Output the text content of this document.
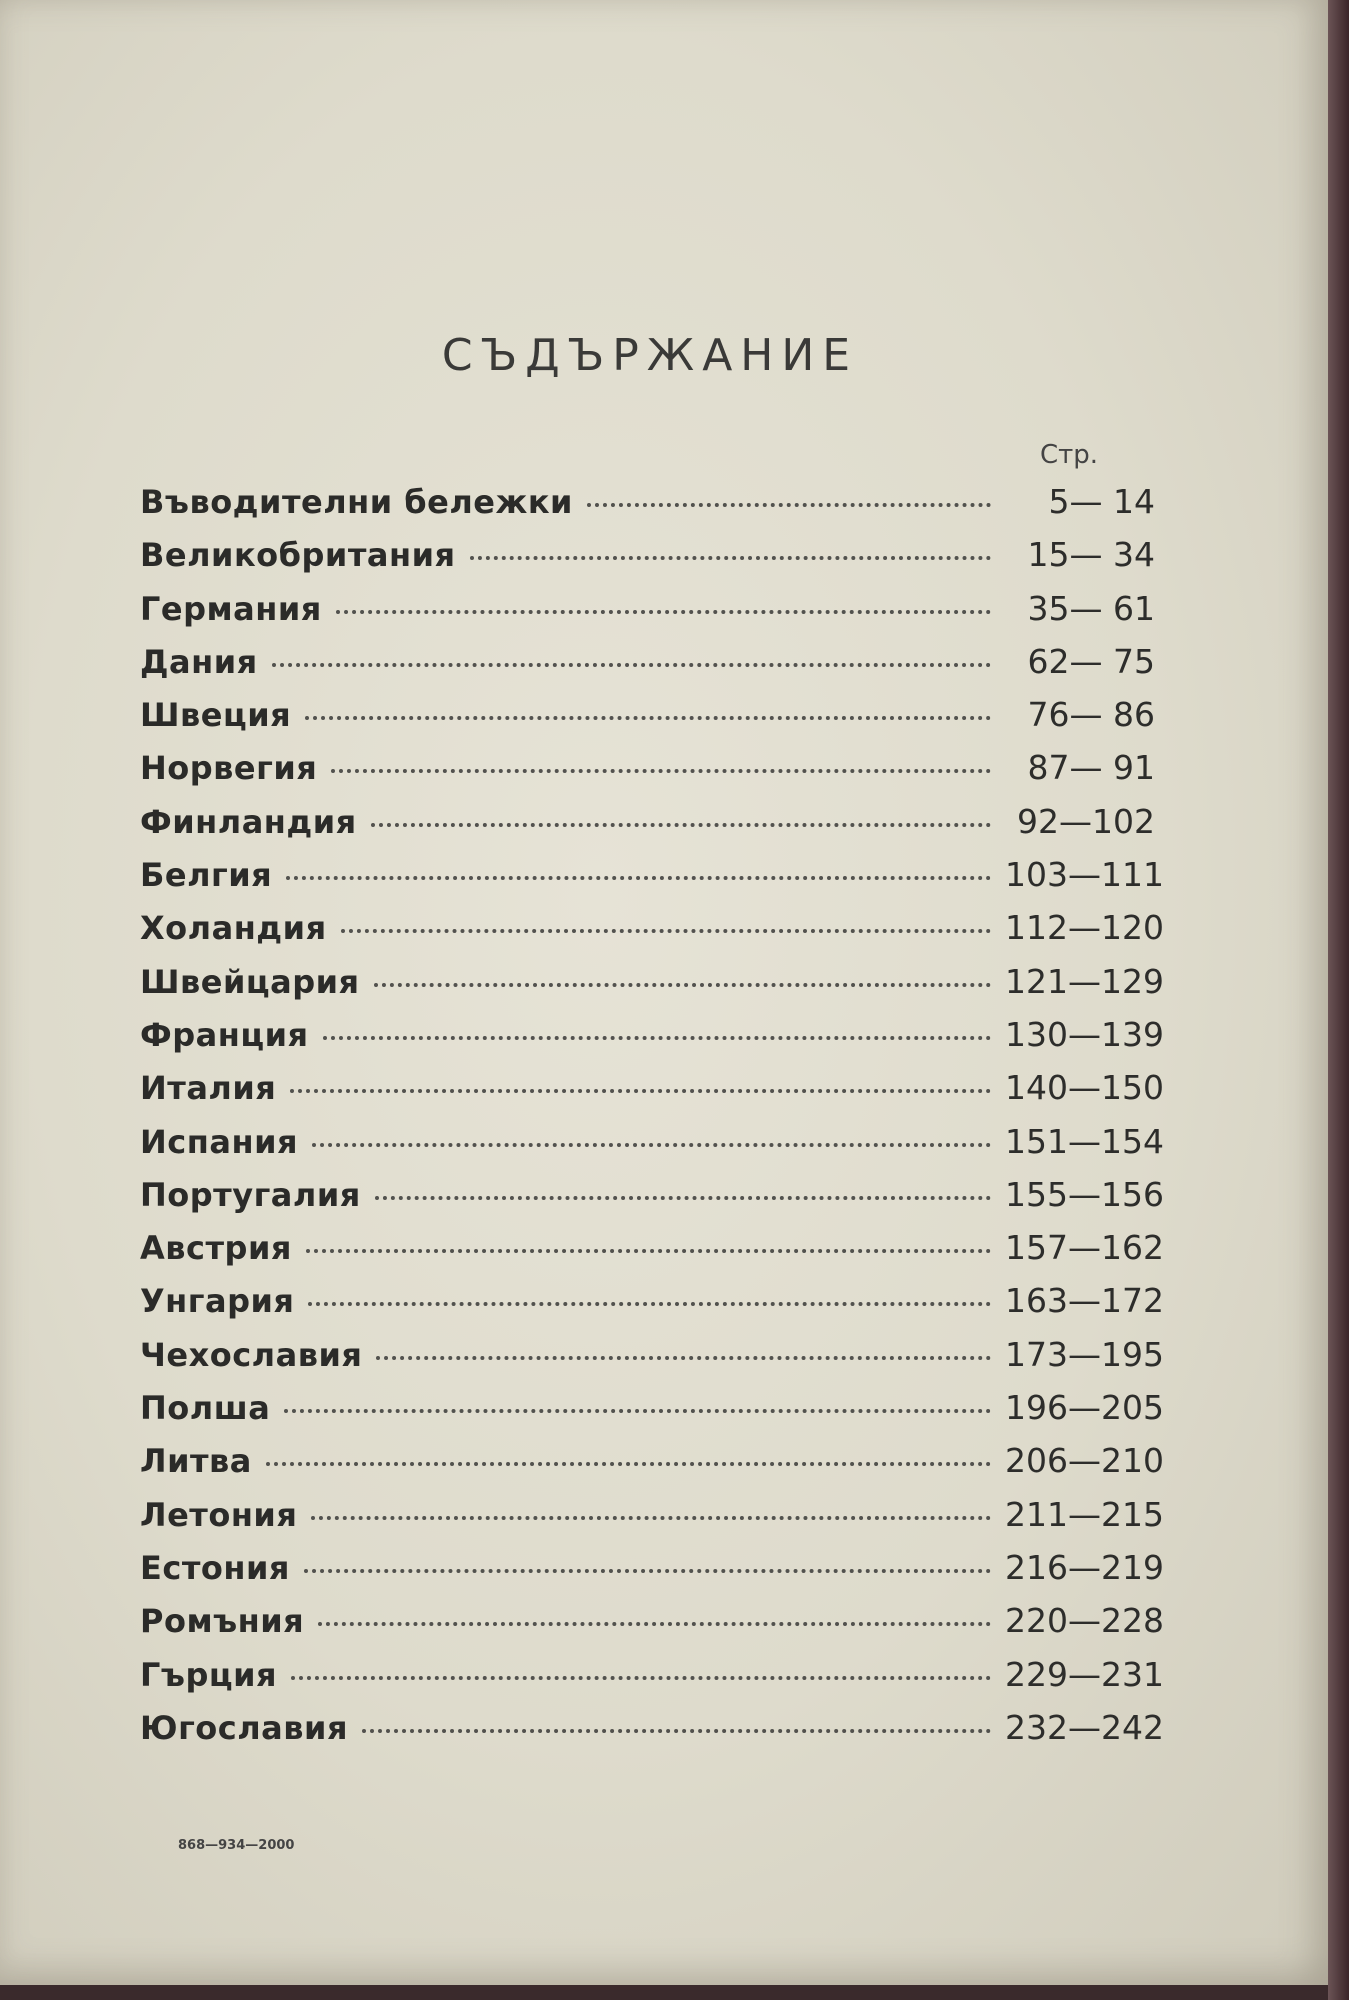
СЪДЪРЖАНИЕ
Стр.
Въводителни бележки	5— 14
Великобритания	15— 34
Германия	35— 61
Дания	62— 75
Швеция	76— 86
Норвегия	87— 91
Финландия	92—102
Белгия	103—111
Холандия	112—120
Швейцария	121—129
Франция	130—139
Италия	140—150
Испания	151—154
Португалия	155—156
Австрия	157—162
Унгария	163—172
Чехославия	173—195
Полша	196—205
Литва	206—210
Летония	211—215
Естония	216—219
Ромъния	220—228
Гърция	229—231
Югославия	232—242
868—934—2000
